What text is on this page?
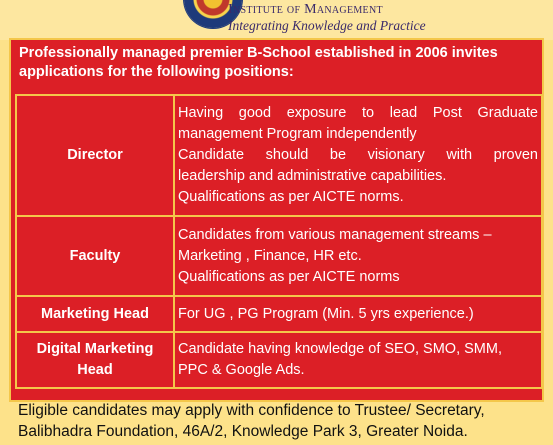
Institute of Management
Integrating Knowledge and Practice

Professionally managed premier B-School established in 2006 invites applications for the following positions:

Director	Having good exposure to lead Post Graduate
management Program independently
Candidate should be visionary with proven
leadership and administrative capabilities.
Qualifications as per AICTE norms.

Faculty	Candidates from various management streams –
Marketing , Finance, HR etc.
Qualifications as per AICTE norms

Marketing Head	For UG , PG Program (Min. 5 yrs experience.)

Digital Marketing Head	Candidate having knowledge of SEO, SMO, SMM,
PPC & Google Ads.
Eligible candidates may apply with confidence to Trustee/ Secretary,
Balibhadra Foundation, 46A/2, Knowledge Park 3, Greater Noida.
